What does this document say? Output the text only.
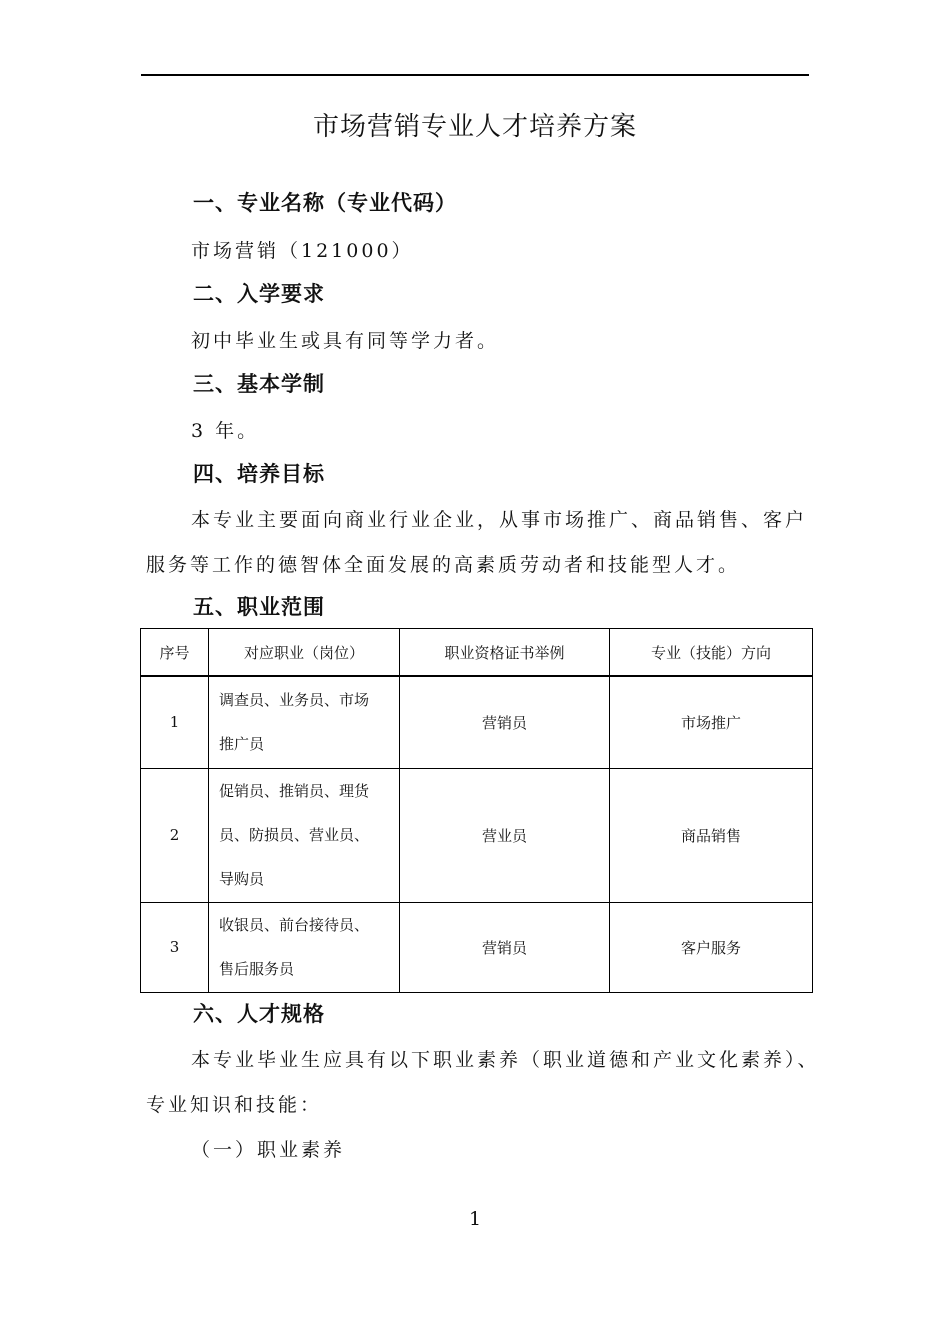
市场营销专业人才培养方案
一、专业名称（专业代码）
市场营销（121000）
二、入学要求
初中毕业生或具有同等学力者。
三、基本学制
3 年。
四、培养目标
本专业主要面向商业行业企业，从事市场推广、商品销售、客户
服务等工作的德智体全面发展的高素质劳动者和技能型人才。
五、职业范围
序号	对应职业（岗位）	职业资格证书举例	专业（技能）方向
1	调查员、业务员、市场
推广员	营销员	市场推广
2	促销员、推销员、理货
员、防损员、营业员、
导购员	营业员	商品销售
3	收银员、前台接待员、
售后服务员	营销员	客户服务
六、人才规格
本专业毕业生应具有以下职业素养（职业道德和产业文化素养）、
专业知识和技能：
（一）职业素养
1
